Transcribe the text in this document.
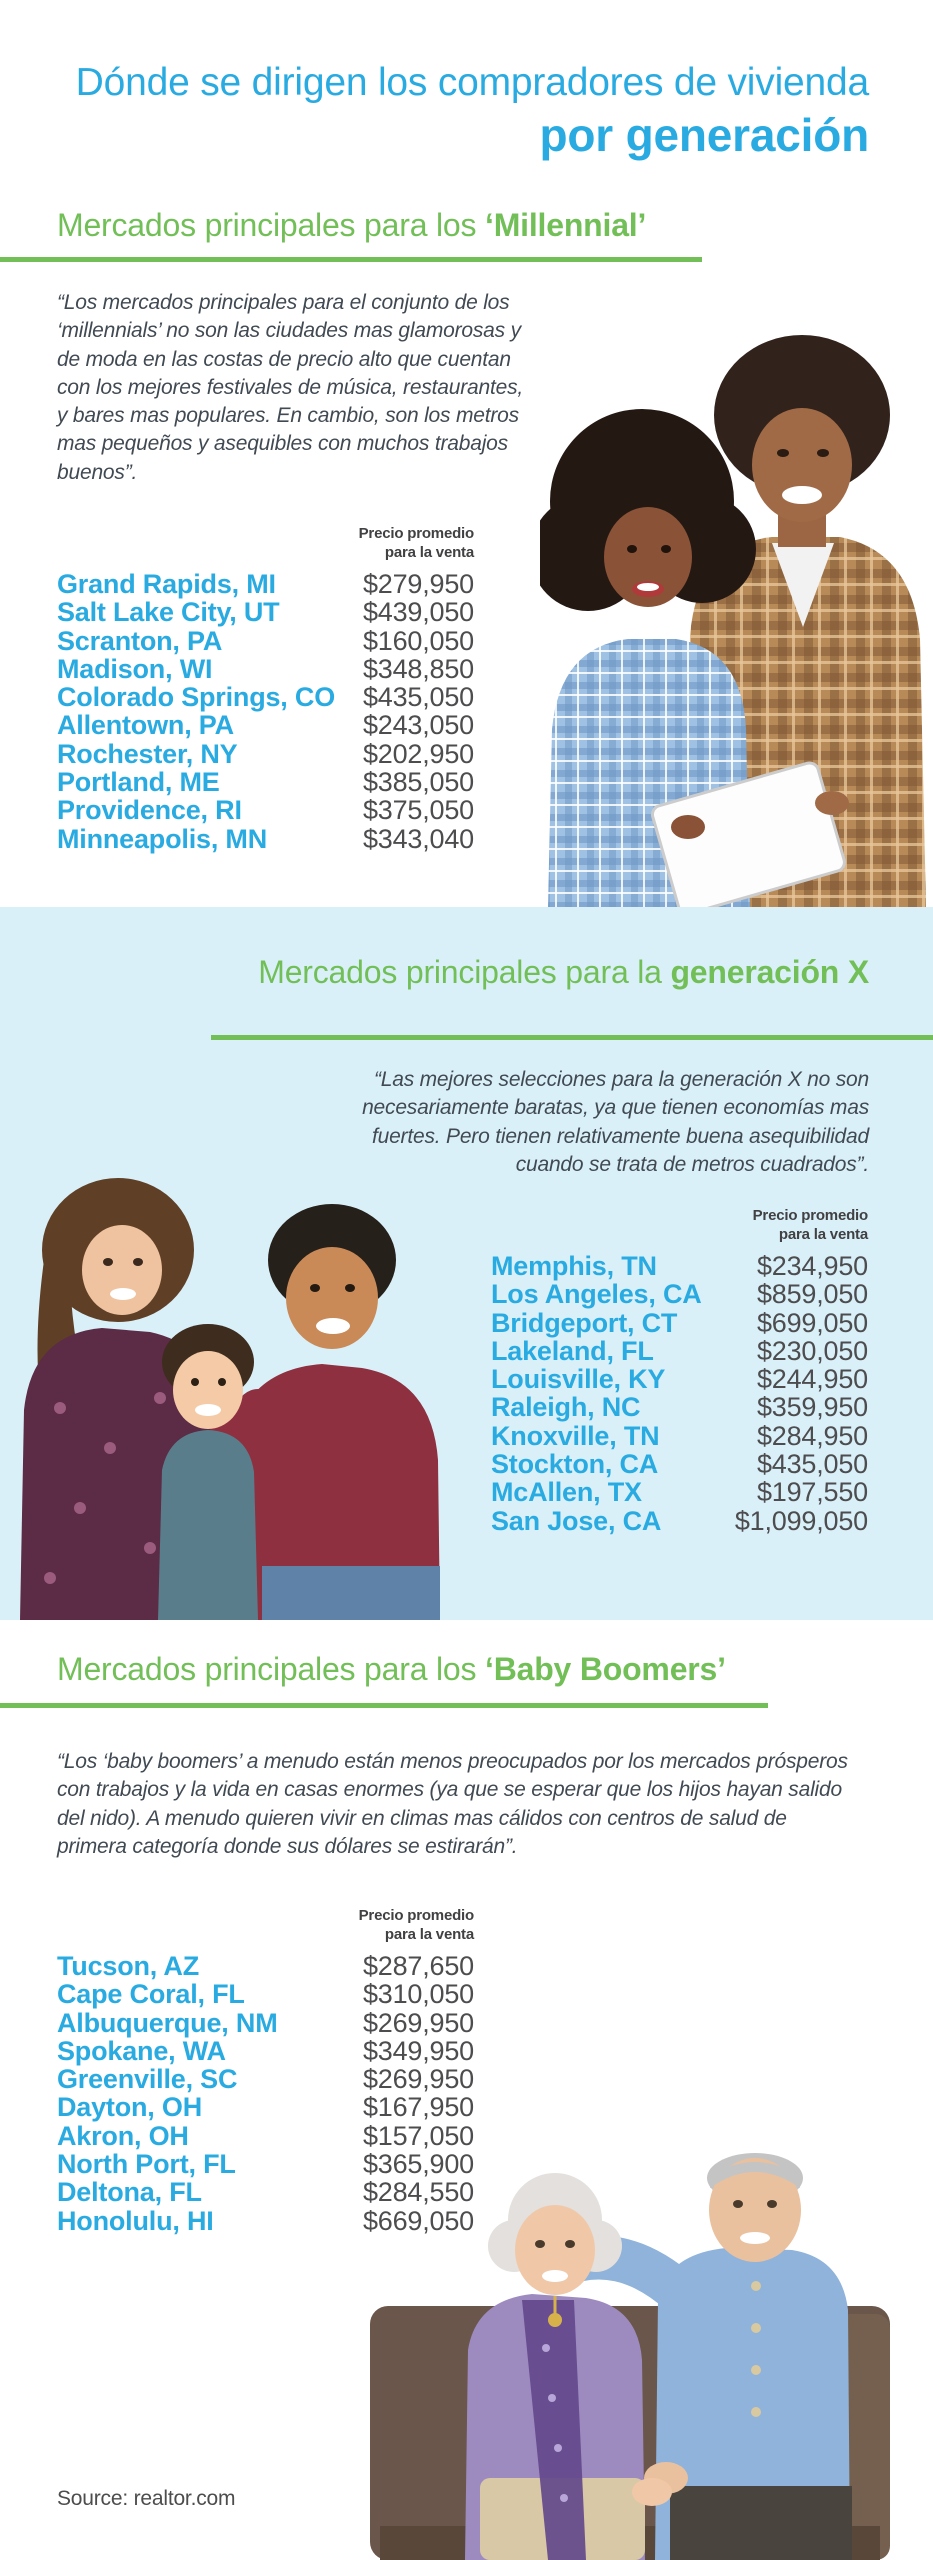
Dónde se dirigen los compradores de vivienda
por generación
Mercados principales para los ‘Millennial’
“Los mercados principales para el conjunto de los ‘millennials’ no son las ciudades mas glamorosas y de moda en las costas de precio alto que cuentan con los mejores festivales de música, restaurantes, y bares mas populares. En cambio, son los metros mas pequeños y asequibles con muchos trabajos buenos”.
Precio promedio
para la venta
Grand Rapids, MI	$279,950
Salt Lake City, UT	$439,050
Scranton, PA	$160,050
Madison, WI	$348,850
Colorado Springs, CO $435,050
Allentown, PA	$243,050
Rochester, NY	$202,950
Portland, ME	$385,050
Providence, RI	$375,050
Minneapolis, MN	$343,040
Mercados principales para la generación X
“Las mejores selecciones para la generación X no son necesariamente baratas, ya que tienen economías mas fuertes. Pero tienen relativamente buena asequibilidad cuando se trata de metros cuadrados”.
Precio promedio
para la venta
Memphis, TN	$234,950
Los Angeles, CA $859,050
Bridgeport, CT	$699,050
Lakeland, FL	$230,050
Louisville, KY	$244,950
Raleigh, NC	$359,950
Knoxville, TN	$284,950
Stockton, CA	$435,050
McAllen, TX	$197,550
San Jose, CA	$1,099,050
Mercados principales para los ‘Baby Boomers’
“Los ‘baby boomers’ a menudo están menos preocupados por los mercados prósperos con trabajos y la vida en casas enormes (ya que se esperar que los hijos hayan salido del nido). A menudo quieren vivir en climas mas cálidos con centros de salud de primera categoría donde sus dólares se estirarán”.
Precio promedio
para la venta
Tucson, AZ	$287,650
Cape Coral, FL	$310,050
Albuquerque, NM	$269,950
Spokane, WA	$349,950
Greenville, SC	$269,950
Dayton, OH	$167,950
Akron, OH	$157,050
North Port, FL	$365,900
Deltona, FL	$284,550
Honolulu, HI	$669,050
Source: realtor.com
